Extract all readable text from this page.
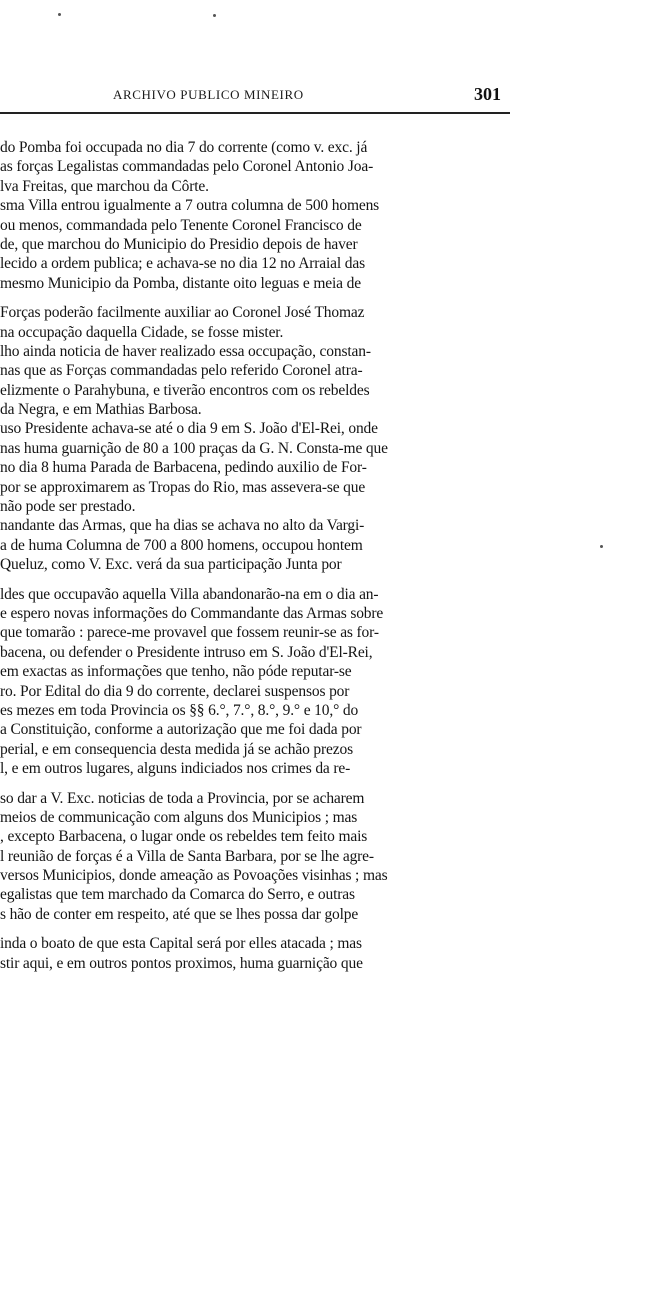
ARCHIVO PUBLICO MINEIRO	301
do Pomba foi occupada no dia 7 do corrente (como v. exc. já
as forças Legalistas commandadas pelo Coronel Antonio Joa-
lva Freitas, que marchou da Côrte.
sma Villa entrou igualmente a 7 outra columna de 500 homens
ou menos, commandada pelo Tenente Coronel Francisco de
de, que marchou do Municipio do Presidio depois de haver
lecido a ordem publica; e achava-se no dia 12 no Arraial das
mesmo Municipio da Pomba, distante oito leguas e meia de
Forças poderão facilmente auxiliar ao Coronel José Thomaz
na occupação daquella Cidade, se fosse mister.
lho ainda noticia de haver realizado essa occupação, constan-
nas que as Forças commandadas pelo referido Coronel atra-
elizmente o Parahybuna, e tiverão encontros com os rebeldes
da Negra, e em Mathias Barbosa.
uso Presidente achava-se até o dia 9 em S. João d'El-Rei, onde
nas huma guarnição de 80 a 100 praças da G. N. Consta-me que
no dia 8 huma Parada de Barbacena, pedindo auxilio de For-
por se approximarem as Tropas do Rio, mas assevera-se que
não pode ser prestado.
nandante das Armas, que ha dias se achava no alto da Vargi-
a de huma Columna de 700 a 800 homens, occupou hontem
Queluz, como V. Exc. verá da sua participação Junta por
ldes que occupavão aquella Villa abandonarão-na em o dia an-
e espero novas informações do Commandante das Armas sobre
que tomarão : parece-me provavel que fossem reunir-se as for-
bacena, ou defender o Presidente intruso em S. João d'El-Rei,
em exactas as informações que tenho, não póde reputar-se
ro. Por Edital do dia 9 do corrente, declarei suspensos por
es mezes em toda Provincia os §§ 6.°, 7.°, 8.°, 9.° e 10,° do
a Constituição, conforme a autorização que me foi dada por
perial, e em consequencia desta medida já se achão prezos
l, e em outros lugares, alguns indiciados nos crimes da re-
so dar a V. Exc. noticias de toda a Provincia, por se acharem
meios de communicação com alguns dos Municipios ; mas
, excepto Barbacena, o lugar onde os rebeldes tem feito mais
l reunião de forças é a Villa de Santa Barbara, por se lhe agre-
versos Municipios, donde ameação as Povoações visinhas ; mas
egalistas que tem marchado da Comarca do Serro, e outras
s hão de conter em respeito, até que se lhes possa dar golpe
inda o boato de que esta Capital será por elles atacada ; mas
stir aqui, e em outros pontos proximos, huma guarnição que
